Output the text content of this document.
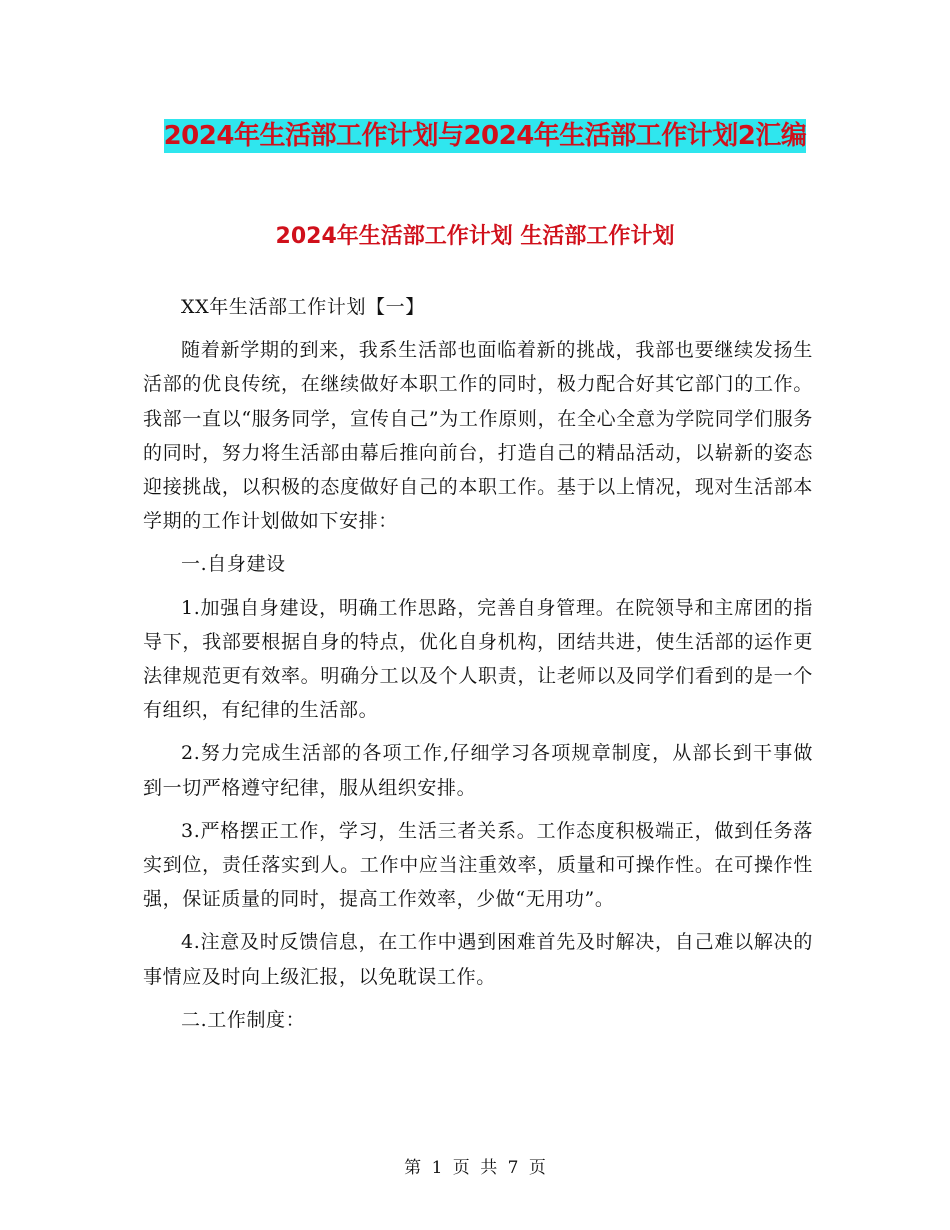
2024年生活部工作计划与2024年生活部工作计划2汇编
2024年生活部工作计划 生活部工作计划

XX年生活部工作计划【一】

随着新学期的到来，我系生活部也面临着新的挑战，我部也要继续发扬生活部的优良传统，在继续做好本职工作的同时，极力配合好其它部门的工作。我部一直以“服务同学，宣传自己”为工作原则，在全心全意为学院同学们服务的同时，努力将生活部由幕后推向前台，打造自己的精品活动，以崭新的姿态迎接挑战，以积极的态度做好自己的本职工作。基于以上情况，现对生活部本学期的工作计划做如下安排：

一.自身建设

1.加强自身建设，明确工作思路，完善自身管理。在院领导和主席团的指导下，我部要根据自身的特点，优化自身机构，团结共进，使生活部的运作更法律规范更有效率。明确分工以及个人职责，让老师以及同学们看到的是一个有组织，有纪律的生活部。

2.努力完成生活部的各项工作,仔细学习各项规章制度，从部长到干事做到一切严格遵守纪律，服从组织安排。

3.严格摆正工作，学习，生活三者关系。工作态度积极端正，做到任务落实到位，责任落实到人。工作中应当注重效率，质量和可操作性。在可操作性强，保证质量的同时，提高工作效率，少做“无用功”。

4.注意及时反馈信息，在工作中遇到困难首先及时解决，自己难以解决的事情应及时向上级汇报，以免耽误工作。

二.工作制度：

第 1 页 共 7 页
